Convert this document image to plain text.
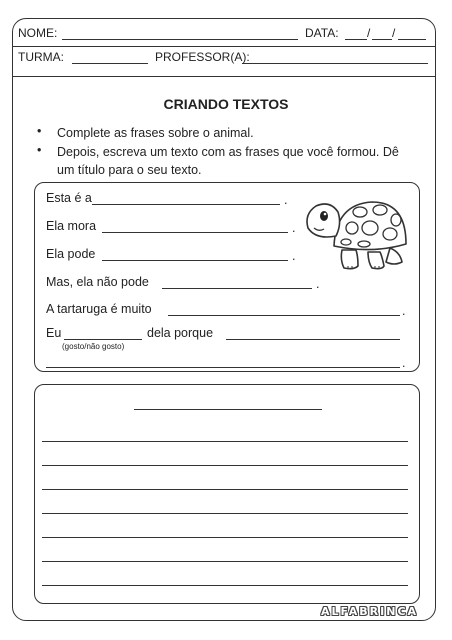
NOME:	DATA: / /
TURMA:	PROFESSOR(A):
CRIANDO TEXTOS
• Complete as frases sobre o animal.
• Depois, escreva um texto com as frases que você formou. Dê
um título para o seu texto.
Esta é a	.
Ela mora	.
Ela pode	.
Mas, ela não pode	.
A tartaruga é muito	.
Eu	dela porque
(gosto/não gosto)
.
ALFABRINCA
